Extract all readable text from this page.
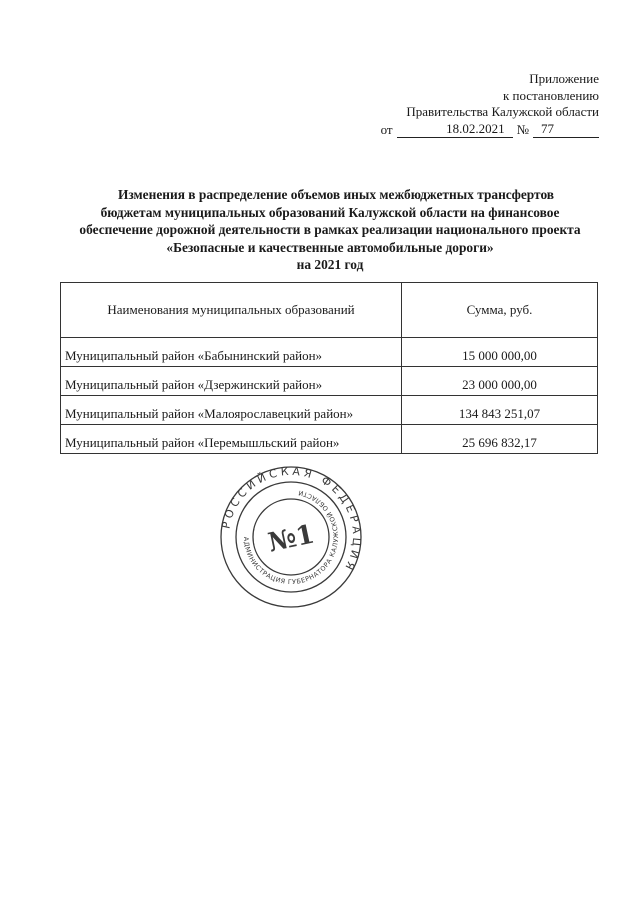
Приложение
к постановлению
Правительства Калужской области
от	18.02.2021 № 77
Изменения в распределение объемов иных межбюджетных трансфертов
бюджетам муниципальных образований Калужской области на финансовое
обеспечение дорожной деятельности в рамках реализации национального проекта
«Безопасные и качественные автомобильные дороги»
на 2021 год
Наименования муниципальных образований	Сумма, руб.
Муниципальный район «Бабынинский район»	15 000 000,00
Муниципальный район «Дзержинский район»	23 000 000,00
Муниципальный район «Малоярославецкий район»	134 843 251,07
Муниципальный район «Перемышльский район»	25 696 832,17
РОССИЙСКАЯ ФЕДЕРАЦИЯ
АДМИНИСТРАЦИЯ ГУБЕРНАТОРА КАЛУЖСКОЙ ОБЛАСТИ
№1
